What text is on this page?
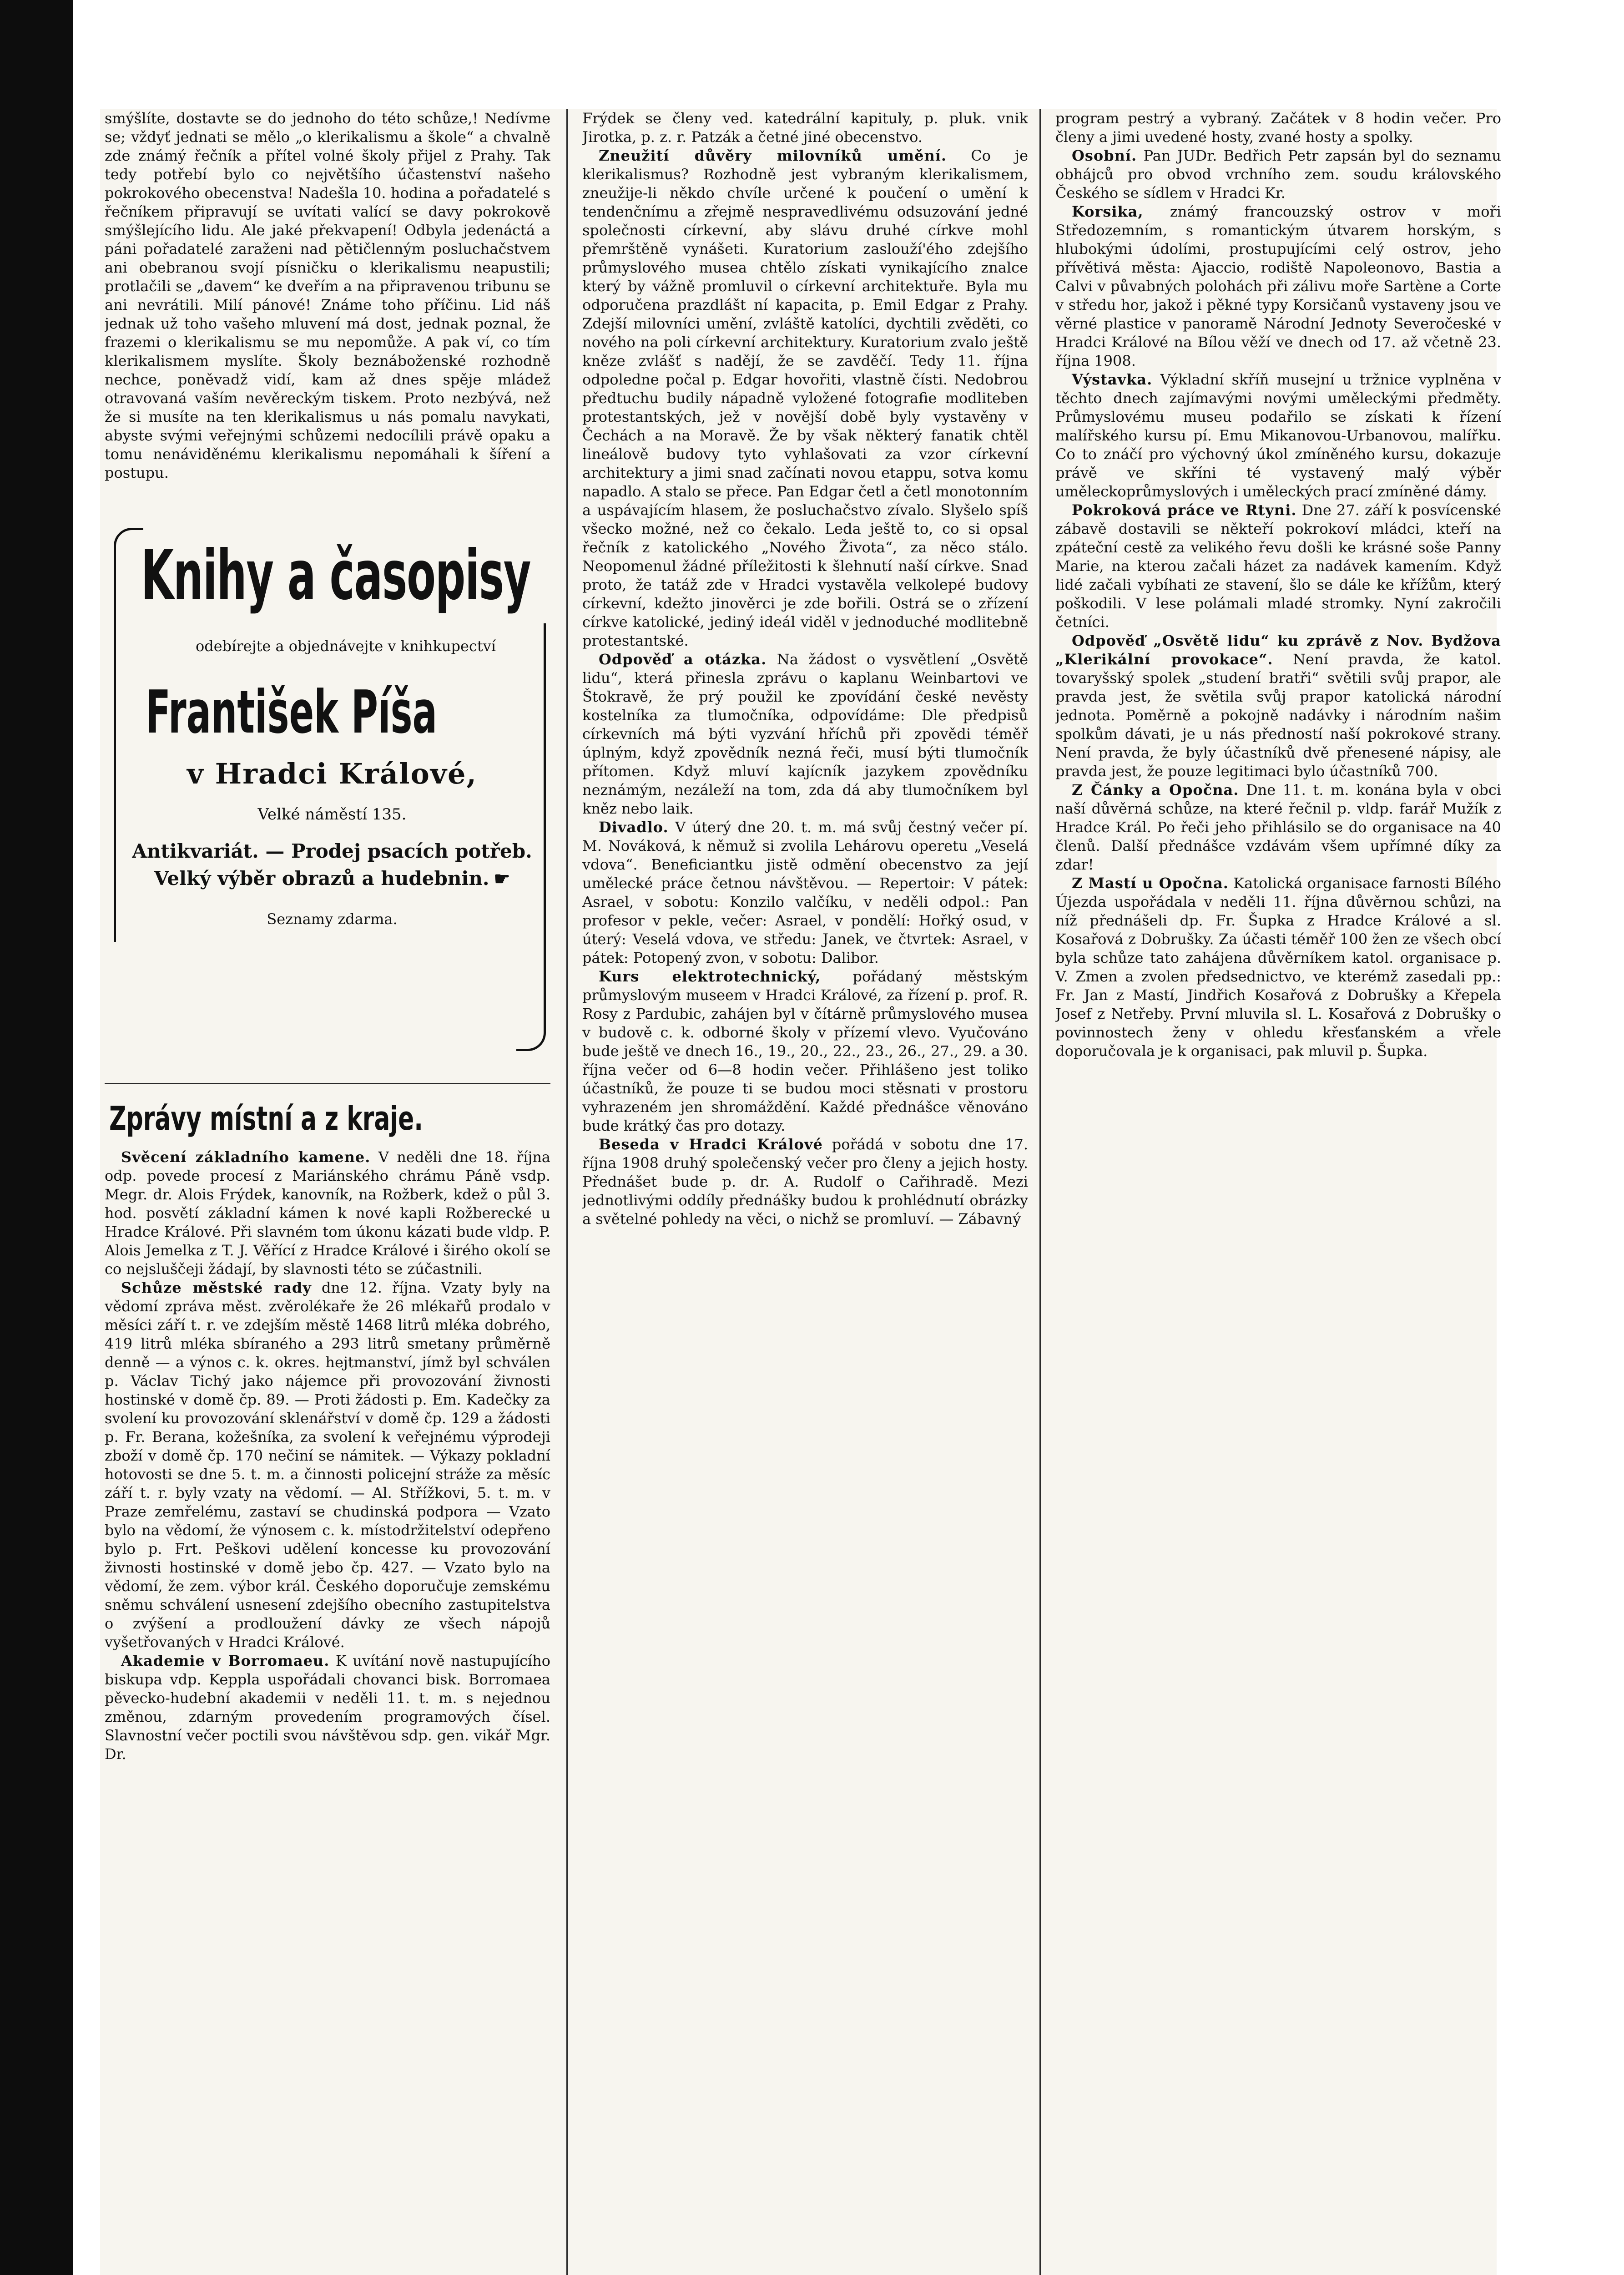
smýšlíte, dostavte se do jednoho do této schůze,! Nedívme se; vždyť jednati se mělo „o klerikalismu a škole“ a chvalně zde známý řečník a přítel volné školy přijel z Prahy. Tak tedy potřebí bylo co největšího účastenství našeho pokrokového obecenstva! Nadešla 10. hodina a pořadatelé s řečníkem připravují se uvítati valící se davy pokrokově smýšlejícího lidu. Ale jaké překvapení! Odbyla jedenáctá a páni pořadatelé zaraženi nad pětičlenným posluchačstvem ani obebranou svojí písničku o klerikalismu neapustili; protlačili se „davem“ ke dveřím a na připravenou tribunu se ani nevrátili. Milí pánové! Známe toho příčinu. Lid náš jednak už toho vašeho mluvení má dost, jednak poznal, že frazemi o klerikalismu se mu nepomůže. A pak ví, co tím klerikalismem myslíte. Školy beznáboženské rozhodně nechce, poněvadž vidí, kam až dnes spěje mládež otravovaná vaším nevěreckým tiskem. Proto nezbývá, než že si musíte na ten klerikalismus u nás pomalu navykati, abyste svými veřejnými schůzemi nedocílili právě opaku a tomu nenáviděnému klerikalismu nepomáhali k šíření a postupu.

Knihy a časopisy
odebírejte a objednávejte v knihkupectví
František Píša
v Hradci Králové,
Velké náměstí 135.
Antikvariát. — Prodej psacích potřeb.
Velký výběr obrazů a hudebnin. ☛
Seznamy zdarma.
Zprávy místní a z kraje.

Svěcení základního kamene. V neděli dne 18. října odp. povede procesí z Mariánského chrámu Páně vsdp. Megr. dr. Alois Frýdek, kanovník, na Rožberk, kdež o půl 3. hod. posvětí základní kámen k nové kapli Rožberecké u Hradce Králové. Při slavném tom úkonu kázati bude vldp. P. Alois Jemelka z T. J. Věřící z Hradce Králové i širého okolí se co nejsluščeji žádají, by slavnosti této se zúčastnili.

Schůze městské rady dne 12. října. Vzaty byly na vědomí zpráva měst. zvěrolékaře že 26 mlékařů prodalo v měsíci září t. r. ve zdejším městě 1468 litrů mléka dobrého, 419 litrů mléka sbíraného a 293 litrů smetany průměrně denně — a výnos c. k. okres. hejtmanství, jímž byl schválen p. Václav Tichý jako nájemce při provozování živnosti hostinské v domě čp. 89. — Proti žádosti p. Em. Kadečky za svolení ku provozování sklenářství v domě čp. 129 a žádosti p. Fr. Berana, kožešníka, za svolení k veřejnému výprodeji zboží v domě čp. 170 nečiní se námitek. — Výkazy pokladní hotovosti se dne 5. t. m. a činnosti policejní stráže za měsíc září t. r. byly vzaty na vědomí. — Al. Střížkovi, 5. t. m. v Praze zemřelému, zastaví se chudinská podpora — Vzato bylo na vědomí, že výnosem c. k. místodržitelství odepřeno bylo p. Frt. Peškovi udělení koncesse ku provozování živnosti hostinské v domě jebo čp. 427. — Vzato bylo na vědomí, že zem. výbor král. Českého doporučuje zemskému sněmu schválení usnesení zdejšího obecního zastupitelstva o zvýšení a prodloužení dávky ze všech nápojů vyšetřovaných v Hradci Králové.

Akademie v Borromaeu. K uvítání nově nastupujícího biskupa vdp. Keppla uspořádali chovanci bisk. Borromaea pěvecko-hudební akademii v neděli 11. t. m. s nejednou změnou, zdarným provedením programových čísel. Slavnostní večer poctili svou návštěvou sdp. gen. vikář Mgr. Dr.

Frýdek se členy ved. katedrální kapituly, p. pluk. vnik Jirotka, p. z. r. Patzák a četné jiné obecenstvo.

Zneužití důvěry milovníků umění. Co je klerikalismus? Rozhodně jest vybraným klerikalismem, zneužije-li někdo chvíle určené k poučení o umění k tendenčnímu a zřejmě nespravedlivému odsuzování jedné společnosti církevní, aby slávu druhé církve mohl přemrštěně vynášeti. Kuratorium zaslouží'ého zdejšího průmyslového musea chtělo získati vynikajícího znalce který by vážně promluvil o církevní architektuře. Byla mu odporučena prazdlášt ní kapacita, p. Emil Edgar z Prahy. Zdejší milovníci umění, zvláště katolíci, dychtili zvěděti, co nového na poli církevní architektury. Kuratorium zvalo ještě kněze zvlášť s nadějí, že se zavděčí. Tedy 11. října odpoledne počal p. Edgar hovořiti, vlastně čísti. Nedobrou předtuchu budily nápadně vyložené fotografie modliteben protestantských, jež v novější době byly vystavěny v Čechách a na Moravě. Že by však některý fanatik chtěl lineálově budovy tyto vyhlašovati za vzor církevní architektury a jimi snad začínati novou etappu, sotva komu napadlo. A stalo se přece. Pan Edgar četl a četl monotonním a uspávajícím hlasem, že posluchačstvo zívalo. Slyšelo spíš všecko možné, než co čekalo. Leda ještě to, co si opsal řečník z katolického „Nového Života“, za něco stálo. Neopomenul žádné příležitosti k šlehnutí naší církve. Snad proto, že tatáž zde v Hradci vystavěla velkolepé budovy církevní, kdežto jinověrci je zde bořili. Ostrá se o zřízení církve katolické, jediný ideál viděl v jednoduché modlitebně protestantské.

Odpověď a otázka. Na žádost o vysvětlení „Osvětě lidu“, která přinesla zprávu o kaplanu Weinbartovi ve Štokravě, že prý použil ke zpovídání české nevěsty kostelníka za tlumočníka, odpovídáme: Dle předpisů církevních má býti vyzvání hříchů při zpovědi téměř úplným, když zpovědník nezná řeči, musí býti tlumočník přítomen. Když mluví kajícník jazykem zpovědníku neznámým, nezáleží na tom, zda dá aby tlumočníkem byl kněz nebo laik.

Divadlo. V úterý dne 20. t. m. má svůj čestný večer pí. M. Nováková, k němuž si zvolila Lehárovu operetu „Veselá vdova“. Beneficiantku jistě odmění obecenstvo za její umělecké práce četnou návštěvou. — Repertoir: V pátek: Asrael, v sobotu: Konzilo valčíku, v neděli odpol.: Pan profesor v pekle, večer: Asrael, v pondělí: Hořký osud, v úterý: Veselá vdova, ve středu: Janek, ve čtvrtek: Asrael, v pátek: Potopený zvon, v sobotu: Dalibor.

Kurs elektrotechnický, pořádaný městským průmyslovým museem v Hradci Králové, za řízení p. prof. R. Rosy z Pardubic, zahájen byl v čítárně průmyslového musea v budově c. k. odborné školy v přízemí vlevo. Vyučováno bude ještě ve dnech 16., 19., 20., 22., 23., 26., 27., 29. a 30. října večer od 6—8 hodin večer. Přihlášeno jest toliko účastníků, že pouze ti se budou moci stěsnati v prostoru vyhrazeném jen shromáždění. Každé přednášce věnováno bude krátký čas pro dotazy.

Beseda v Hradci Králové pořádá v sobotu dne 17. října 1908 druhý společenský večer pro členy a jejich hosty. Přednášet bude p. dr. A. Rudolf o Cařihradě. Mezi jednotlivými oddíly přednášky budou k prohlédnutí obrázky a světelné pohledy na věci, o nichž se promluví. — Zábavný

program pestrý a vybraný. Začátek v 8 hodin večer. Pro členy a jimi uvedené hosty, zvané hosty a spolky.

Osobní. Pan JUDr. Bedřich Petr zapsán byl do seznamu obhájců pro obvod vrchního zem. soudu královského Českého se sídlem v Hradci Kr.

Korsika, známý francouzský ostrov v moři Středozemním, s romantickým útvarem horským, s hlubokými údolími, prostupujícími celý ostrov, jeho přívětivá města: Ajaccio, rodiště Napoleonovo, Bastia a Calvi v půvabných polohách při zálivu moře Sartène a Corte v středu hor, jakož i pěkné typy Korsičanů vystaveny jsou ve věrné plastice v panoramě Národní Jednoty Severočeské v Hradci Králové na Bílou věží ve dnech od 17. až včetně 23. října 1908.

Výstavka. Výkladní skříň musejní u tržnice vyplněna v těchto dnech zajímavými novými uměleckými předměty. Průmyslovému museu podařilo se získati k řízení malířského kursu pí. Emu Mikanovou-Urbanovou, malířku. Co to znáčí pro výchovný úkol zmíněného kursu, dokazuje právě ve skříni té vystavený malý výběr uměleckoprůmyslových i uměleckých prací zmíněné dámy.

Pokroková práce ve Rtyni. Dne 27. září k posvícenské zábavě dostavili se někteří pokrokoví mládci, kteří na zpáteční cestě za velikého řevu došli ke krásné soše Panny Marie, na kterou začali házet za nadávek kamením. Když lidé začali vybíhati ze stavení, šlo se dále ke křížům, který poškodili. V lese polámali mladé stromky. Nyní zakročili četníci.

Odpověď „Osvětě lidu“ ku zprávě z Nov. Bydžova „Klerikální provokace“. Není pravda, že katol. tovaryšský spolek „studení bratři“ světili svůj prapor, ale pravda jest, že světila svůj prapor katolická národní jednota. Poměrně a pokojně nadávky i národním našim spolkům dávati, je u nás předností naší pokrokové strany. Není pravda, že byly účastníků dvě přenesené nápisy, ale pravda jest, že pouze legitimaci bylo účastníků 700.

Z Čánky a Opočna. Dne 11. t. m. konána byla v obci naší důvěrná schůze, na které řečnil p. vldp. farář Mužík z Hradce Král. Po řeči jeho přihlásilo se do organisace na 40 členů. Další přednášce vzdávám všem upřímné díky za zdar!

Z Mastí u Opočna. Katolická organisace farnosti Bílého Újezda uspořádala v neděli 11. října důvěrnou schůzi, na níž přednášeli dp. Fr. Šupka z Hradce Králové a sl. Kosařová z Dobrušky. Za účasti téměř 100 žen ze všech obcí byla schůze tato zahájena důvěrníkem katol. organisace p. V. Zmen a zvolen předsednictvo, ve kterémž zasedali pp.: Fr. Jan z Mastí, Jindřich Kosařová z Dobrušky a Křepela Josef z Netřeby. První mluvila sl. L. Kosařová z Dobrušky o povinnostech ženy v ohledu křesťanském a vřele doporučovala je k organisaci, pak mluvil p. Šupka.
